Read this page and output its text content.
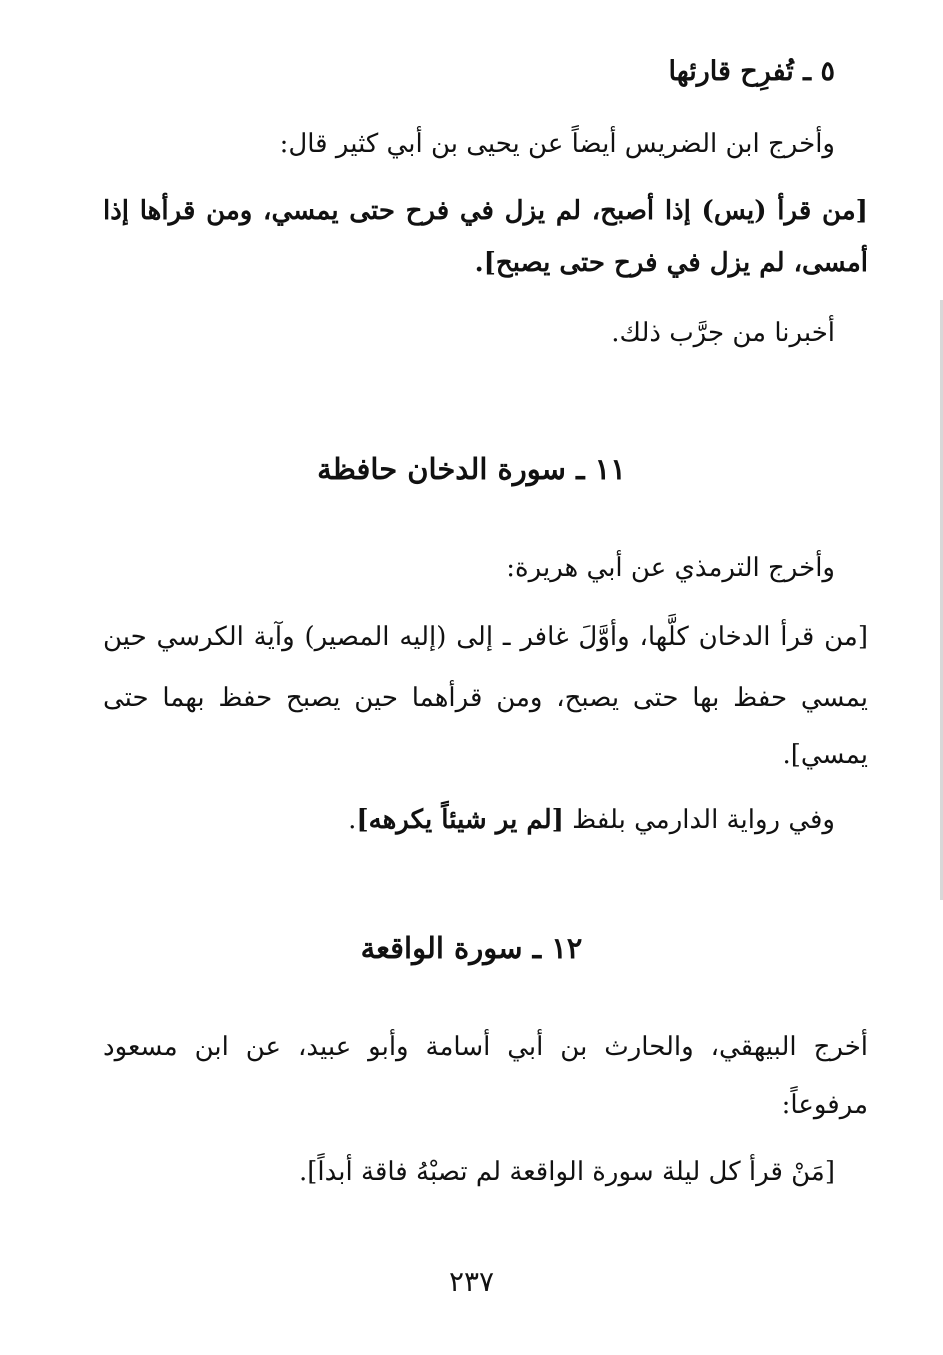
٥ ـ تُفرِح قارئها
وأخرج ابن الضريس أيضاً عن يحيى بن أبي كثير قال:
[من قرأ (يس) إذا أصبح، لم يزل في فرح حتى يمسي، ومن قرأها إذا
أمسى، لم يزل في فرح حتى يصبح].
أخبرنا من جرَّب ذلك.
١١ ـ سورة الدخان حافظة
وأخرج الترمذي عن أبي هريرة:
[من قرأ الدخان كلَّها، وأوَّلَ غافر ـ إلى (إليه المصير) وآية الكرسي حين
يمسي حفظ بها حتى يصبح، ومن قرأهما حين يصبح حفظ بهما حتى
يمسي].
وفي رواية الدارمي بلفظ [لم ير شيئاً يكرهه].
١٢ ـ سورة الواقعة
أخرج البيهقي، والحارث بن أبي أسامة وأبو عبيد، عن ابن مسعود
مرفوعاً:
[مَنْ قرأ كل ليلة سورة الواقعة لم تصبْهُ فاقة أبداً].
٢٣٧
